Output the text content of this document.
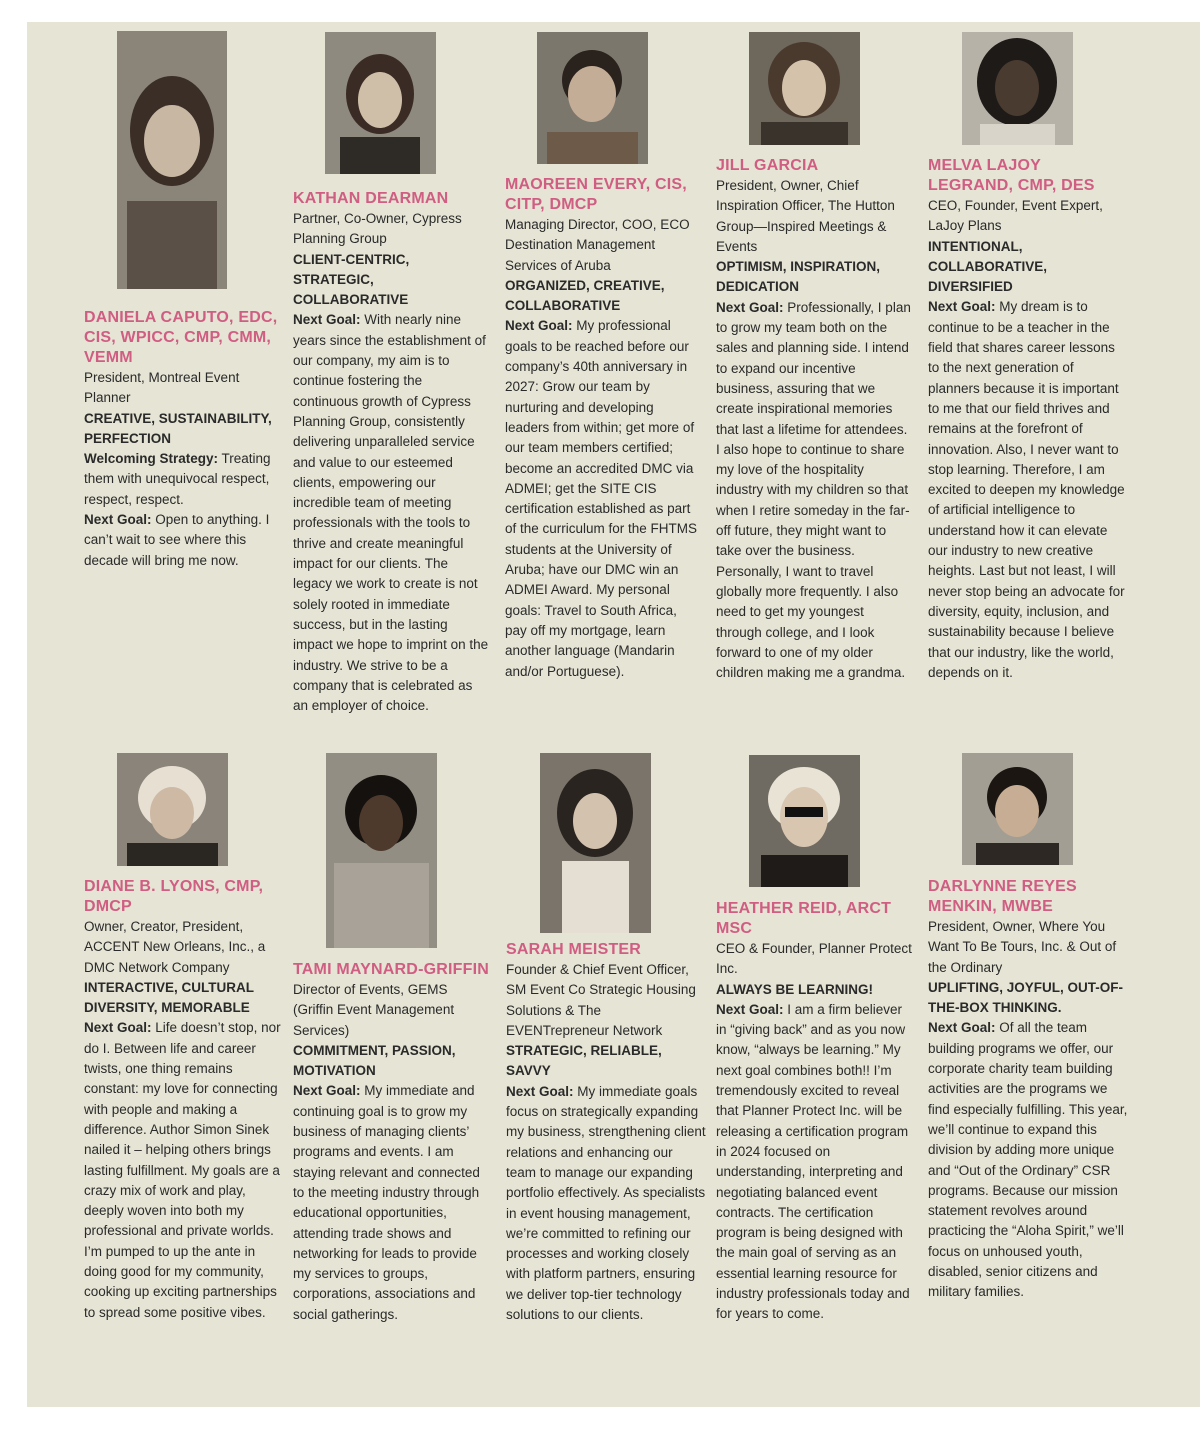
DANIELA CAPUTO, EDC, CIS, WPICC, CMP, CMM, VEMM

President, Montreal Event Planner

CREATIVE, SUSTAINABILITY, PERFECTION

Welcoming Strategy: Treating them with unequivocal respect, respect, respect.

Next Goal: Open to anything. I can’t wait to see where this decade will bring me now.

KATHAN DEARMAN

Partner, Co-Owner, Cypress Planning Group

CLIENT-CENTRIC, STRATEGIC, COLLABORATIVE

Next Goal: With nearly nine years since the establishment of our company, my aim is to continue fostering the continuous growth of Cypress Planning Group, consistently delivering unparalleled service and value to our esteemed clients, empowering our incredible team of meeting professionals with the tools to thrive and create meaningful impact for our clients. The legacy we work to create is not solely rooted in immediate success, but in the lasting impact we hope to imprint on the industry. We strive to be a company that is celebrated as an employer of choice.

MAOREEN EVERY, CIS, CITP, DMCP

Managing Director, COO, ECO Destination Management Services of Aruba

ORGANIZED, CREATIVE, COLLABORATIVE

Next Goal: My professional goals to be reached before our company’s 40th anniversary in 2027: Grow our team by nurturing and developing leaders from within; get more of our team members certified; become an accredited DMC via ADMEI; get the SITE CIS certification established as part of the curriculum for the FHTMS students at the University of Aruba; have our DMC win an ADMEI Award. My personal goals: Travel to South Africa, pay off my mortgage, learn another language (Mandarin and/or Portuguese).

JILL GARCIA

President, Owner, Chief Inspiration Officer, The Hutton Group—Inspired Meetings & Events

OPTIMISM, INSPIRATION, DEDICATION

Next Goal: Professionally, I plan to grow my team both on the sales and planning side. I intend to expand our incentive business, assuring that we create inspirational memories that last a lifetime for attendees. I also hope to continue to share my love of the hospitality industry with my children so that when I retire someday in the far-off future, they might want to take over the business. Personally, I want to travel globally more frequently. I also need to get my youngest through college, and I look forward to one of my older children making me a grandma.

MELVA LAJOY LEGRAND, CMP, DES

CEO, Founder, Event Expert, LaJoy Plans

INTENTIONAL, COLLABORATIVE, DIVERSIFIED

Next Goal: My dream is to continue to be a teacher in the field that shares career lessons to the next generation of planners because it is important to me that our field thrives and remains at the forefront of innovation. Also, I never want to stop learning. Therefore, I am excited to deepen my knowledge of artificial intelligence to understand how it can elevate our industry to new creative heights. Last but not least, I will never stop being an advocate for diversity, equity, inclusion, and sustainability because I believe that our industry, like the world, depends on it.

DIANE B. LYONS, CMP, DMCP

Owner, Creator, President, ACCENT New Orleans, Inc., a DMC Network Company

INTERACTIVE, CULTURAL DIVERSITY, MEMORABLE

Next Goal: Life doesn’t stop, nor do I. Between life and career twists, one thing remains constant: my love for connecting with people and making a difference. Author Simon Sinek nailed it – helping others brings lasting fulfillment. My goals are a crazy mix of work and play, deeply woven into both my professional and private worlds. I’m pumped to up the ante in doing good for my community, cooking up exciting partnerships to spread some positive vibes.

TAMI MAYNARD-GRIFFIN

Director of Events, GEMS (Griffin Event Management Services)

COMMITMENT, PASSION, MOTIVATION

Next Goal: My immediate and continuing goal is to grow my business of managing clients’ programs and events. I am staying relevant and connected to the meeting industry through educational opportunities, attending trade shows and networking for leads to provide my services to groups, corporations, associations and social gatherings.

SARAH MEISTER

Founder & Chief Event Officer, SM Event Co Strategic Housing Solutions & The EVENTrepreneur Network

STRATEGIC, RELIABLE, SAVVY

Next Goal: My immediate goals focus on strategically expanding my business, strengthening client relations and enhancing our team to manage our expanding portfolio effectively. As specialists in event housing management, we’re committed to refining our processes and working closely with platform partners, ensuring we deliver top-tier technology solutions to our clients.

HEATHER REID, ARCT MSC

CEO & Founder, Planner Protect Inc.

ALWAYS BE LEARNING!

Next Goal: I am a firm believer in “giving back” and as you now know, “always be learning.” My next goal combines both!! I’m tremendously excited to reveal that Planner Protect Inc. will be releasing a certification program in 2024 focused on understanding, interpreting and negotiating balanced event contracts. The certification program is being designed with the main goal of serving as an essential learning resource for industry professionals today and for years to come.

DARLYNNE REYES MENKIN, MWBE

President, Owner, Where You Want To Be Tours, Inc. & Out of the Ordinary

UPLIFTING, JOYFUL, OUT-OF-THE-BOX THINKING.

Next Goal: Of all the team building programs we offer, our corporate charity team building activities are the programs we find especially fulfilling. This year, we’ll continue to expand this division by adding more unique and “Out of the Ordinary” CSR programs. Because our mission statement revolves around practicing the “Aloha Spirit,” we’ll focus on unhoused youth, disabled, senior citizens and military families.
